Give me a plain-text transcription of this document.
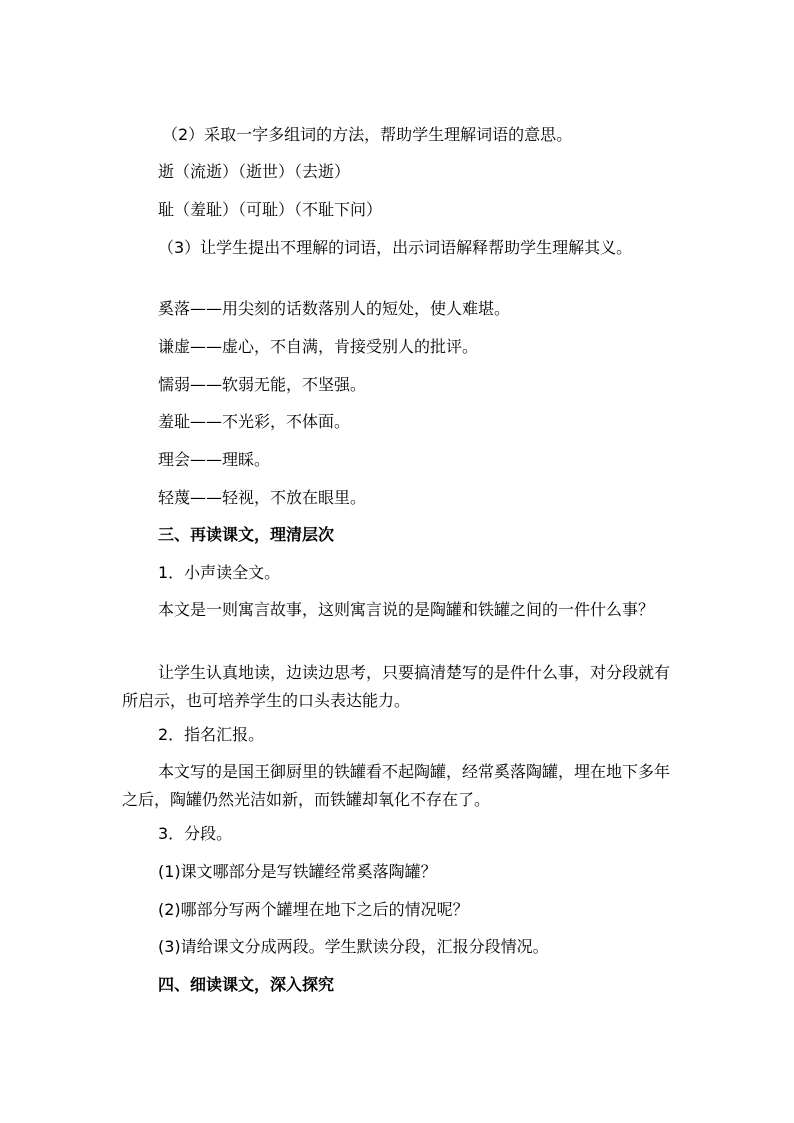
（2）采取一字多组词的方法，帮助学生理解词语的意思。
逝（流逝）（逝世）（去逝）
耻（羞耻）（可耻）（不耻下问）
（3）让学生提出不理解的词语，出示词语解释帮助学生理解其义。
奚落——用尖刻的话数落别人的短处，使人难堪。
谦虚——虚心，不自满，肯接受别人的批评。
懦弱——软弱无能，不坚强。
羞耻——不光彩，不体面。
理会——理睬。
轻蔑——轻视，不放在眼里。
三、再读课文，理清层次
1．小声读全文。
本文是一则寓言故事，这则寓言说的是陶罐和铁罐之间的一件什么事？
让学生认真地读，边读边思考，只要搞清楚写的是件什么事，对分段就有所启示，也可培养学生的口头表达能力。
2．指名汇报。
本文写的是国王御厨里的铁罐看不起陶罐，经常奚落陶罐，埋在地下多年之后，陶罐仍然光洁如新，而铁罐却氧化不存在了。
3．分段。
(1)课文哪部分是写铁罐经常奚落陶罐？
(2)哪部分写两个罐埋在地下之后的情况呢？
(3)请给课文分成两段。学生默读分段，汇报分段情况。
四、细读课文，深入探究
